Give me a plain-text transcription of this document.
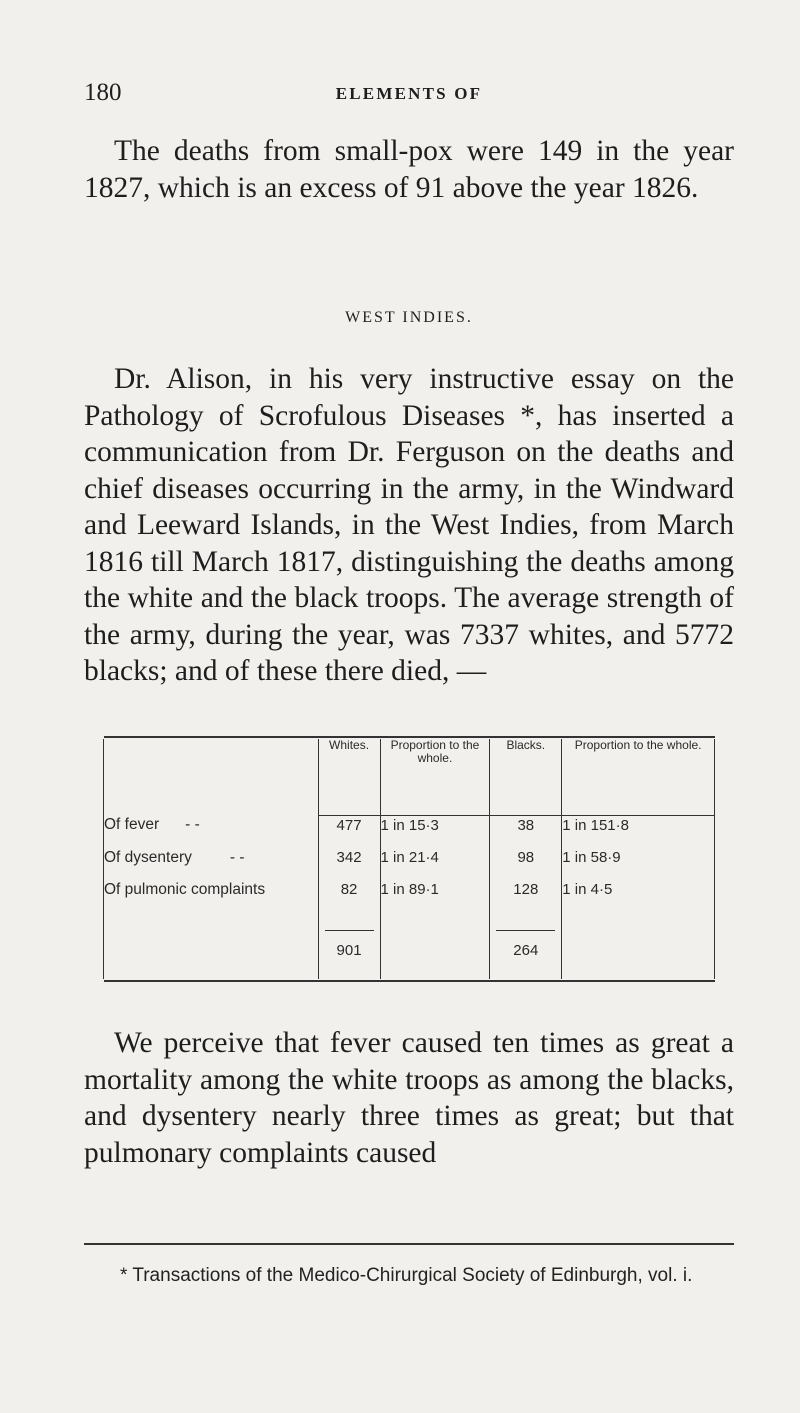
180	ELEMENTS OF

The deaths from small-pox were 149 in the year 1827, which is an excess of 91 above the year 1826.

WEST INDIES.

Dr. Alison, in his very instructive essay on the Pathology of Scrofulous Diseases *, has inserted a communication from Dr. Ferguson on the deaths and chief diseases occurring in the army, in the Windward and Leeward Islands, in the West Indies, from March 1816 till March 1817, distinguishing the deaths among the white and the black troops. The average strength of the army, during the year, was 7337 whites, and 5772 blacks; and of these there died, —

	Whites.	Proportion to the whole.	Blacks.	Proportion to the whole.
Of fever - -	477	1 in 15·3	38	1 in 151·8
Of dysentery - -	342	1 in 21·4	98	1 in 58·9
Of pulmonic complaints	82	1 in 89·1	128	1 in 4·5

	901		264	

We perceive that fever caused ten times as great a mortality among the white troops as among the blacks, and dysentery nearly three times as great; but that pulmonary complaints caused

* Transactions of the Medico-Chirurgical Society of Edinburgh, vol. i.
